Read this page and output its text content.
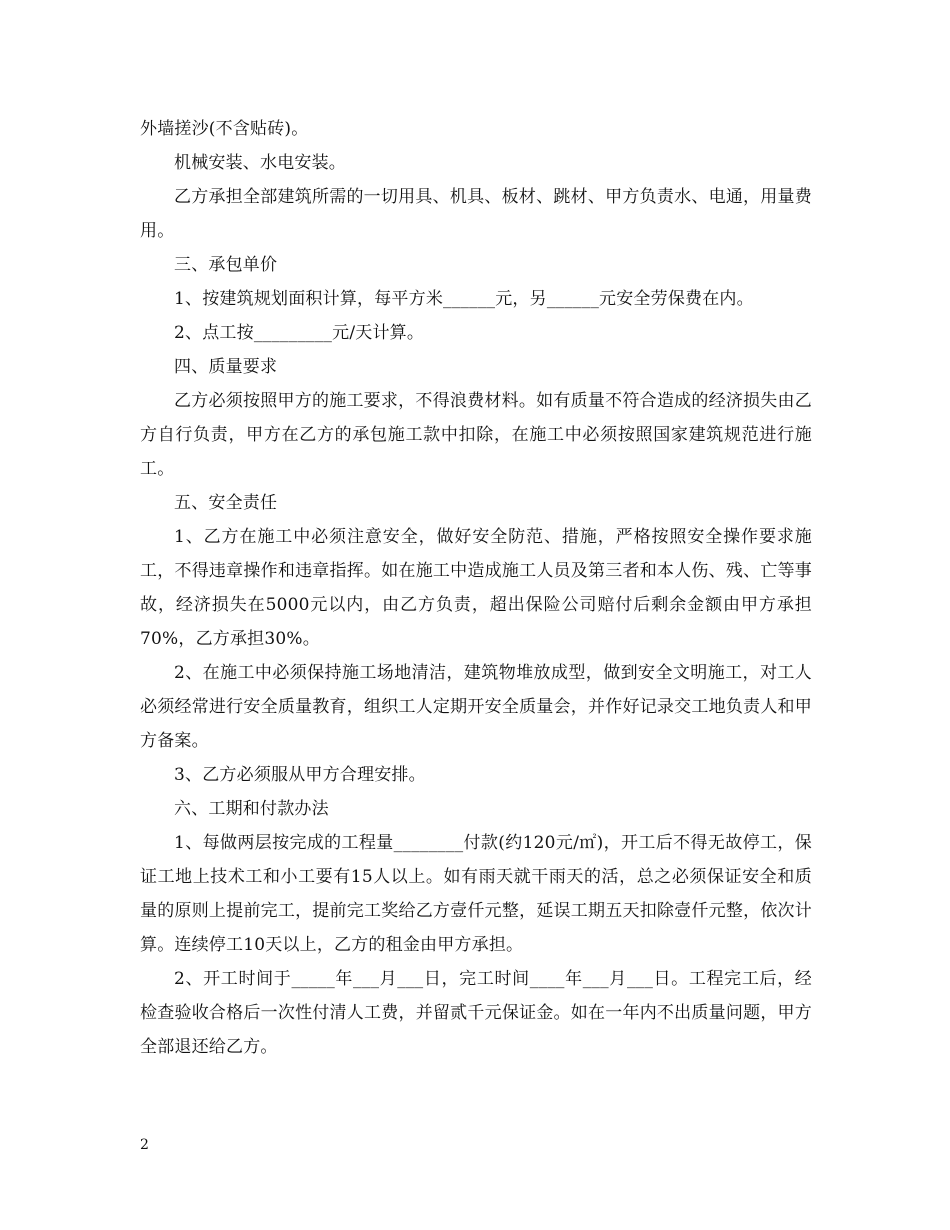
外墙搓沙(不含贴砖)。

机械安装、水电安装。

乙方承担全部建筑所需的一切用具、机具、板材、跳材、甲方负责水、电通，用量费用。

三、承包单价

1、按建筑规划面积计算，每平方米______元，另______元安全劳保费在内。

2、点工按_________元/天计算。

四、质量要求

乙方必须按照甲方的施工要求，不得浪费材料。如有质量不符合造成的经济损失由乙方自行负责，甲方在乙方的承包施工款中扣除，在施工中必须按照国家建筑规范进行施工。

五、安全责任

1、乙方在施工中必须注意安全，做好安全防范、措施，严格按照安全操作要求施工，不得违章操作和违章指挥。如在施工中造成施工人员及第三者和本人伤、残、亡等事故，经济损失在5000元以内，由乙方负责，超出保险公司赔付后剩余金额由甲方承担70%，乙方承担30%。

2、在施工中必须保持施工场地清洁，建筑物堆放成型，做到安全文明施工，对工人必须经常进行安全质量教育，组织工人定期开安全质量会，并作好记录交工地负责人和甲方备案。

3、乙方必须服从甲方合理安排。

六、工期和付款办法

1、每做两层按完成的工程量________付款(约120元/㎡)，开工后不得无故停工，保证工地上技术工和小工要有15人以上。如有雨天就干雨天的活，总之必须保证安全和质量的原则上提前完工，提前完工奖给乙方壹仟元整，延误工期五天扣除壹仟元整，依次计算。连续停工10天以上，乙方的租金由甲方承担。

2、开工时间于_____年___月___日，完工时间____年___月___日。工程完工后，经检查验收合格后一次性付清人工费，并留贰千元保证金。如在一年内不出质量问题，甲方全部退还给乙方。

2
